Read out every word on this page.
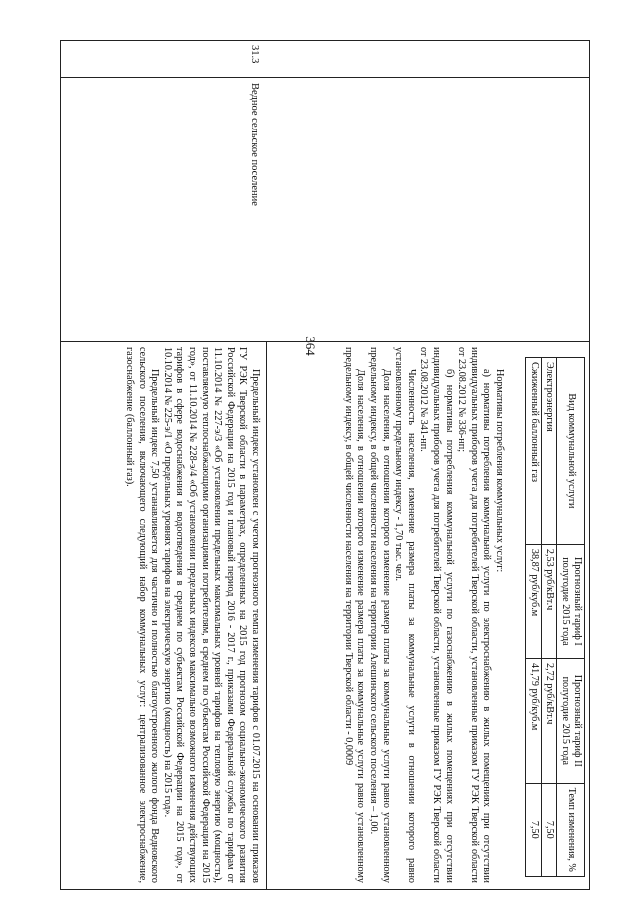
364
31.3
Ведное сельское поселение
Вид коммунальной услуги	Прогнозный тариф I полугодие 2015 года	Прогнозный тариф II полугодие 2015 года	Темп изменения, %
Электроэнергия	2,53 руб/кВт.ч	2,72 руб/кВт.ч	7,50
Сжиженный баллонный газ	38,87 руб/куб.м	41,79 руб/куб.м	7,50

Нормативы потребления коммунальных услуг:

а) нормативы потребления коммунальной услуги по электроснабжению в жилых помещениях при отсутствии индивидуальных приборов учета для потребителей Тверской области, установленные приказом ГУ РЭК Тверской области от 23.08.2012 № 336-нп;

б) нормативы потребления коммунальной услуги по газоснабжению в жилых помещениях при отсутствии индивидуальных приборов учета для потребителей Тверской области, установленные приказом ГУ РЭК Тверской области от 23.08.2012 № 341-нп.

Численность населения, изменение размера платы за коммунальные услуги в отношении которого равно установленному предельному индексу - 1,70 тыс. чел.

Доля населения, в отношении которого изменение размера платы за коммунальные услуги равно установленному предельному индексу, в общей численности населения на территории Алешинского сельского поселения – 1,00.

Доля населения, в отношении которого изменение размера платы за коммунальные услуги равно установленному предельному индексу, в общей численности населения на территории Тверской области - 0,0009

Предельный индекс установлен с учетом прогнозного темпа изменения тарифов с 01.07.2015 на основании приказов ГУ РЭК Тверской области в параметрах, определенных на 2015 год прогнозом социально-экономического развития Российской Федерации на 2015 год и плановый период 2016 - 2017 г., приказами Федеральной службы по тарифам от 11.10.2014 № 227-э/3 «Об установлении предельных максимальных уровней тарифов на тепловую энергию (мощность), поставляемую теплоснабжающими организациями потребителям, в среднем по субъектам Российской Федерации на 2015 год», от 11.10.2014 № 228-э/4 «Об установлении предельных индексов максимально возможного изменения действующих тарифов в сфере водоснабжения и водоотведения в среднем по субъектам Российской Федерации на 2015 год», от 10.10.2014 № 225-э/1 «О предельных уровнях тарифов на электрическую энергию (мощность) на 2015 год».

Предельный индекс 7,50 устанавливается для частично и полностью благоустроенного жилого фонда Ведновского сельского поселения, включающего следующий набор коммунальных услуг: централизованное электроснабжение, газоснабжение (баллонный газ).
